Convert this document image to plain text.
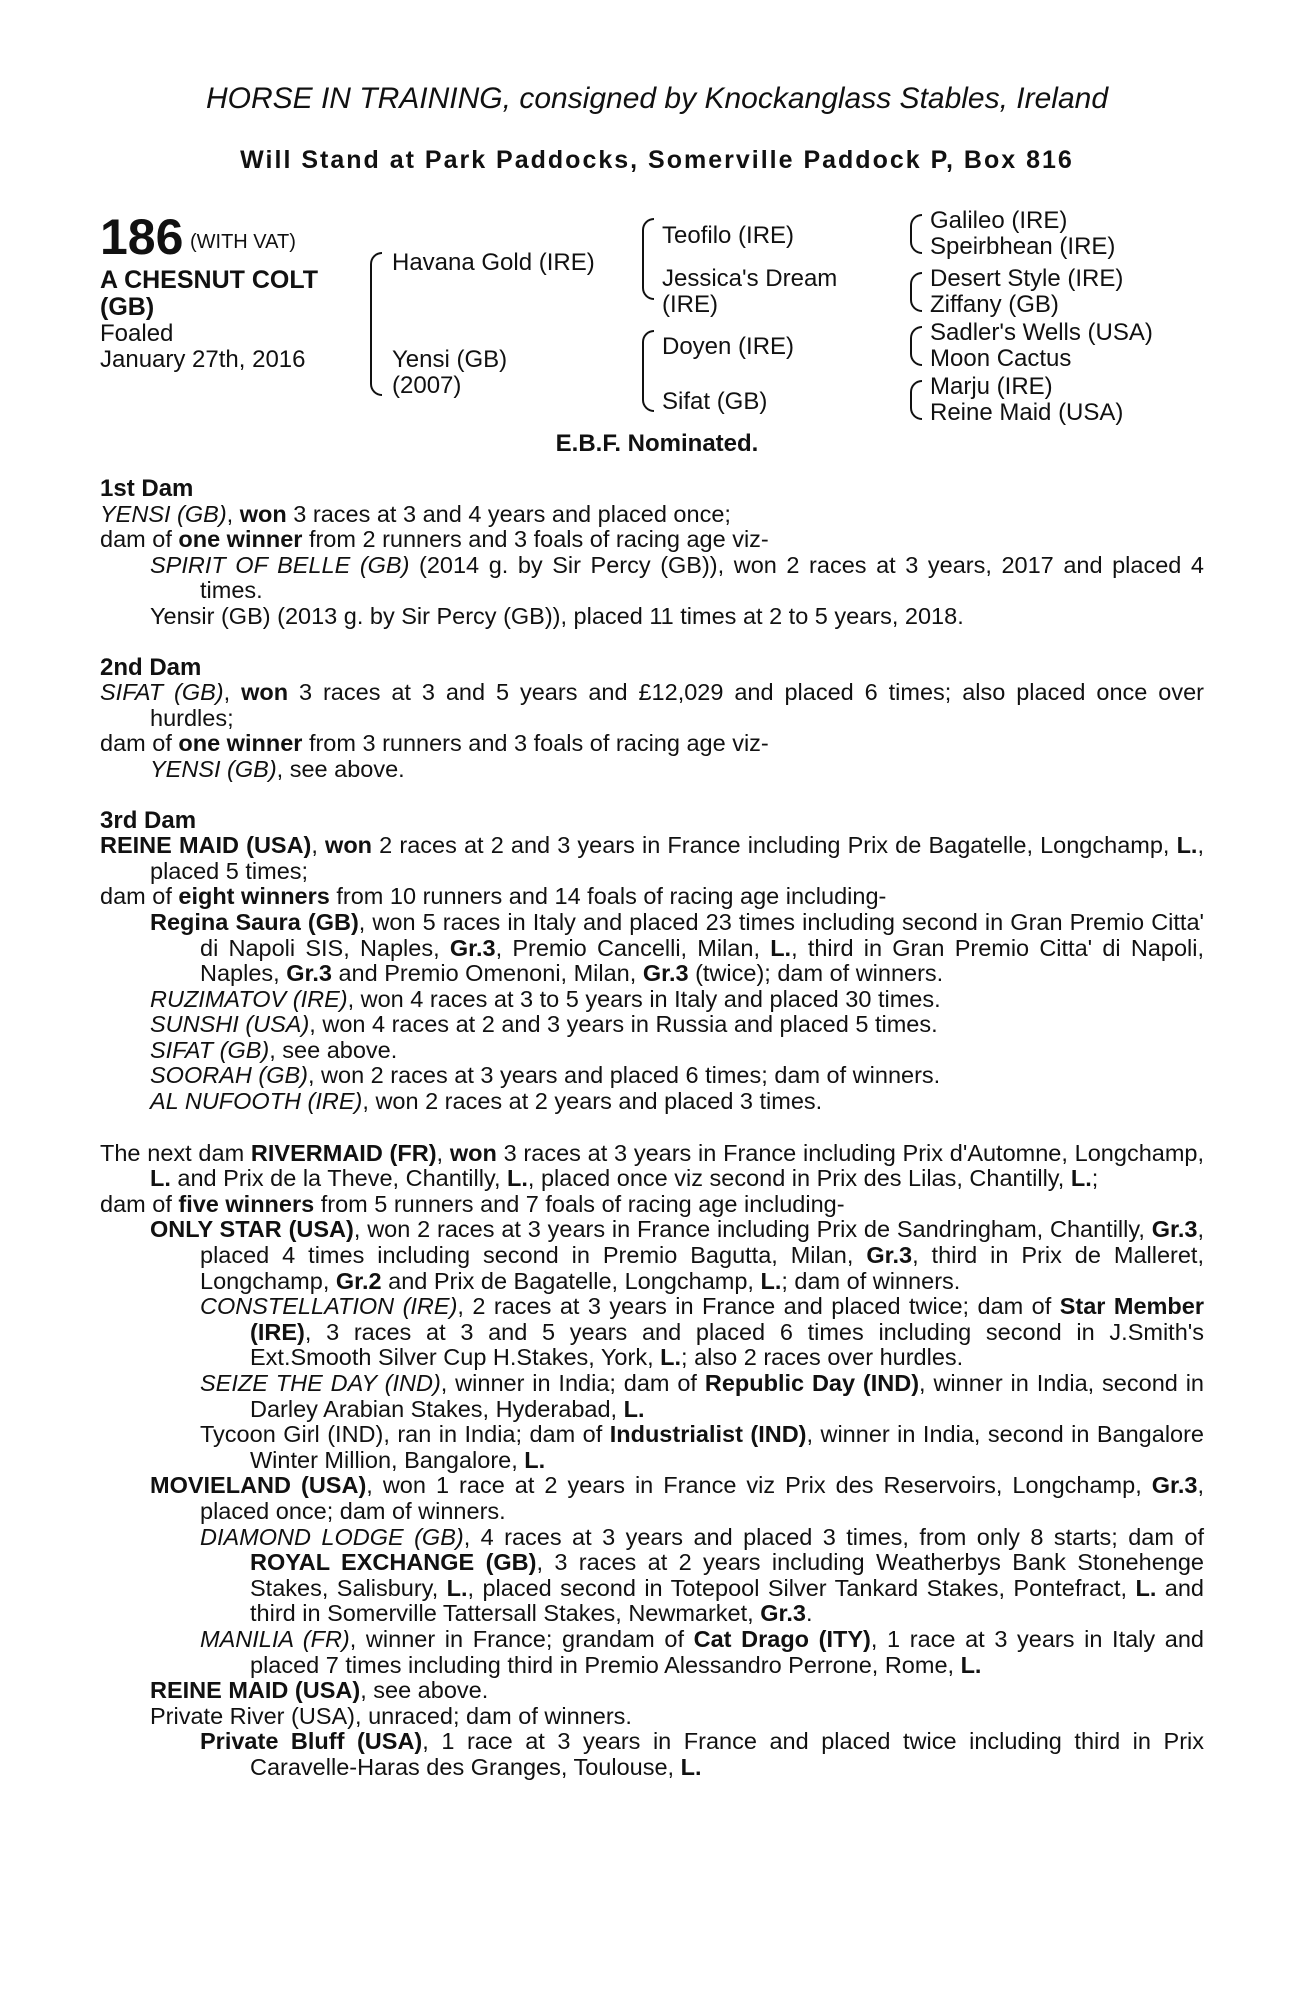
HORSE IN TRAINING, consigned by Knockanglass Stables, Ireland
Will Stand at Park Paddocks, Somerville Paddock P, Box 816
186 (WITH VAT)
A CHESNUT COLT
(GB)
Foaled
January 27th, 2016
Havana Gold (IRE)
Yensi (GB)
(2007)
Teofilo (IRE)
Jessica's Dream
(IRE)
Doyen (IRE)
Sifat (GB)
Galileo (IRE)
Speirbhean (IRE)
Desert Style (IRE)
Ziffany (GB)
Sadler's Wells (USA)
Moon Cactus
Marju (IRE)
Reine Maid (USA)
E.B.F. Nominated.

1st Dam

YENSI (GB), won 3 races at 3 and 4 years and placed once;

dam of one winner from 2 runners and 3 foals of racing age viz-

SPIRIT OF BELLE (GB) (2014 g. by Sir Percy (GB)), won 2 races at 3 years, 2017 and placed 4 times.

Yensir (GB) (2013 g. by Sir Percy (GB)), placed 11 times at 2 to 5 years, 2018.

2nd Dam

SIFAT (GB), won 3 races at 3 and 5 years and £12,029 and placed 6 times; also placed once over hurdles;

dam of one winner from 3 runners and 3 foals of racing age viz-

YENSI (GB), see above.

3rd Dam

REINE MAID (USA), won 2 races at 2 and 3 years in France including Prix de Bagatelle, Longchamp, L., placed 5 times;

dam of eight winners from 10 runners and 14 foals of racing age including-

Regina Saura (GB), won 5 races in Italy and placed 23 times including second in Gran Premio Citta' di Napoli SIS, Naples, Gr.3, Premio Cancelli, Milan, L., third in Gran Premio Citta' di Napoli, Naples, Gr.3 and Premio Omenoni, Milan, Gr.3 (twice); dam of winners.

RUZIMATOV (IRE), won 4 races at 3 to 5 years in Italy and placed 30 times.

SUNSHI (USA), won 4 races at 2 and 3 years in Russia and placed 5 times.

SIFAT (GB), see above.

SOORAH (GB), won 2 races at 3 years and placed 6 times; dam of winners.

AL NUFOOTH (IRE), won 2 races at 2 years and placed 3 times.

The next dam RIVERMAID (FR), won 3 races at 3 years in France including Prix d'Automne, Longchamp, L. and Prix de la Theve, Chantilly, L., placed once viz second in Prix des Lilas, Chantilly, L.;

dam of five winners from 5 runners and 7 foals of racing age including-

ONLY STAR (USA), won 2 races at 3 years in France including Prix de Sandringham, Chantilly, Gr.3, placed 4 times including second in Premio Bagutta, Milan, Gr.3, third in Prix de Malleret, Longchamp, Gr.2 and Prix de Bagatelle, Longchamp, L.; dam of winners.

CONSTELLATION (IRE), 2 races at 3 years in France and placed twice; dam of Star Member (IRE), 3 races at 3 and 5 years and placed 6 times including second in J.Smith's Ext.Smooth Silver Cup H.Stakes, York, L.; also 2 races over hurdles.

SEIZE THE DAY (IND), winner in India; dam of Republic Day (IND), winner in India, second in Darley Arabian Stakes, Hyderabad, L.

Tycoon Girl (IND), ran in India; dam of Industrialist (IND), winner in India, second in Bangalore Winter Million, Bangalore, L.

MOVIELAND (USA), won 1 race at 2 years in France viz Prix des Reservoirs, Longchamp, Gr.3, placed once; dam of winners.

DIAMOND LODGE (GB), 4 races at 3 years and placed 3 times, from only 8 starts; dam of ROYAL EXCHANGE (GB), 3 races at 2 years including Weatherbys Bank Stonehenge Stakes, Salisbury, L., placed second in Totepool Silver Tankard Stakes, Pontefract, L. and third in Somerville Tattersall Stakes, Newmarket, Gr.3.

MANILIA (FR), winner in France; grandam of Cat Drago (ITY), 1 race at 3 years in Italy and placed 7 times including third in Premio Alessandro Perrone, Rome, L.

REINE MAID (USA), see above.

Private River (USA), unraced; dam of winners.

Private Bluff (USA), 1 race at 3 years in France and placed twice including third in Prix Caravelle-Haras des Granges, Toulouse, L.
